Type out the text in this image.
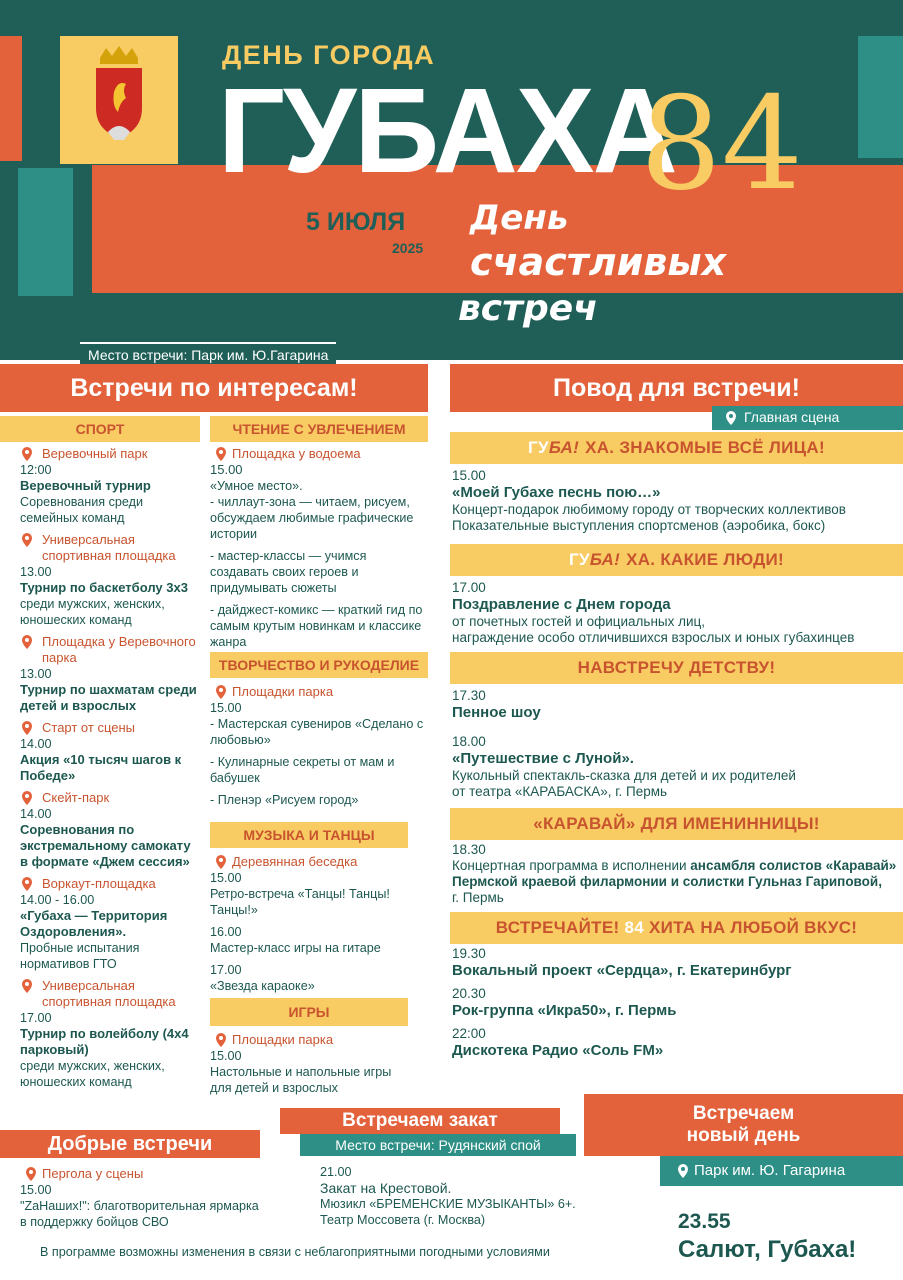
ДЕНЬ ГОРОДА
ГУБАХА
84
5 ИЮЛЯ
2025
День
счастливых
встреч
Место встречи: Парк им. Ю.Гагарина
Встречи по интересам!
СПОРТ
Веревочный парк
12:00
Веревочный турнир
Соревнования среди семейных команд
Универсальная спортивная площадка
13.00
Турнир по баскетболу 3х3
среди мужских, женских, юношеских команд
Площадка у Веревочного парка
13.00
Турнир по шахматам среди детей и взрослых
Старт от сцены
14.00
Акция «10 тысяч шагов к Победе»
Скейт-парк
14.00
Соревнования по экстремальному самокату в формате «Джем сессия»
Воркаут-площадка
14.00 - 16.00
«Губаха — Территория Оздоровления».
Пробные испытания нормативов ГТО
Универсальная спортивная площадка
17.00
Турнир по волейболу (4х4 парковый)
среди мужских, женских, юношеских команд
ЧТЕНИЕ С УВЛЕЧЕНИЕМ
Площадка у водоема
15.00
«Умное место».
- чиллаут-зона — читаем, рисуем, обсуждаем любимые графические истории
- мастер-классы — учимся создавать своих героев и придумывать сюжеты
- дайджест-комикс — краткий гид по самым крутым новинкам и классике жанра
ТВОРЧЕСТВО И РУКОДЕЛИЕ
Площадки парка
15.00
- Мастерская сувениров «Сделано с любовью»
- Кулинарные секреты от мам и бабушек
- Пленэр «Рисуем город»
МУЗЫКА И ТАНЦЫ
Деревянная беседка
15.00
Ретро-встреча «Танцы! Танцы! Танцы!»
16.00
Мастер-класс игры на гитаре
17.00
«Звезда караоке»
ИГРЫ
Площадки парка
15.00
Настольные и напольные игры для детей и взрослых
Повод для встречи!
Главная сцена
ГУ БА! ХА. ЗНАКОМЫЕ ВСЁ ЛИЦА!
15.00
«Моей Губахе песнь пою…»
Концерт-подарок любимому городу от творческих коллективов
Показательные выступления спортсменов (аэробика, бокс)
ГУ БА! ХА. КАКИЕ ЛЮДИ!
17.00
Поздравление с Днем города
от почетных гостей и официальных лиц,
награждение особо отличившихся взрослых и юных губахинцев
НАВСТРЕЧУ ДЕТСТВУ!
17.30
Пенное шоу
18.00
«Путешествие с Луной».
Кукольный спектакль-сказка для детей и их родителей
от театра «КАРАБАСКА», г. Пермь
«КАРАВАЙ» ДЛЯ ИМЕНИННИЦЫ!
18.30
Концертная программа в исполнении ансамбля солистов «Каравай»
Пермской краевой филармонии и солистки Гульназ Гариповой,
г. Пермь
ВСТРЕЧАЙТЕ! 84 ХИТА НА ЛЮБОЙ ВКУС!
19.30
Вокальный проект «Сердца», г. Екатеринбург
20.30
Рок-группа «Икра50», г. Пермь
22:00
Дискотека Радио «Соль FM»
Добрые встречи
Пергола у сцены
15.00
"ZаНаших!": благотворительная ярмарка в поддержку бойцов СВО
Встречаем закат
Место встречи: Рудянский спой
21.00
Закат на Крестовой.
Мюзикл «БРЕМЕНСКИЕ МУЗЫКАНТЫ» 6+.
Театр Моссовета (г. Москва)
Встречаем
новый день
Парк им. Ю. Гагарина
23.55
Салют, Губаха!
В программе возможны изменения в связи с неблагоприятными погодными условиями
